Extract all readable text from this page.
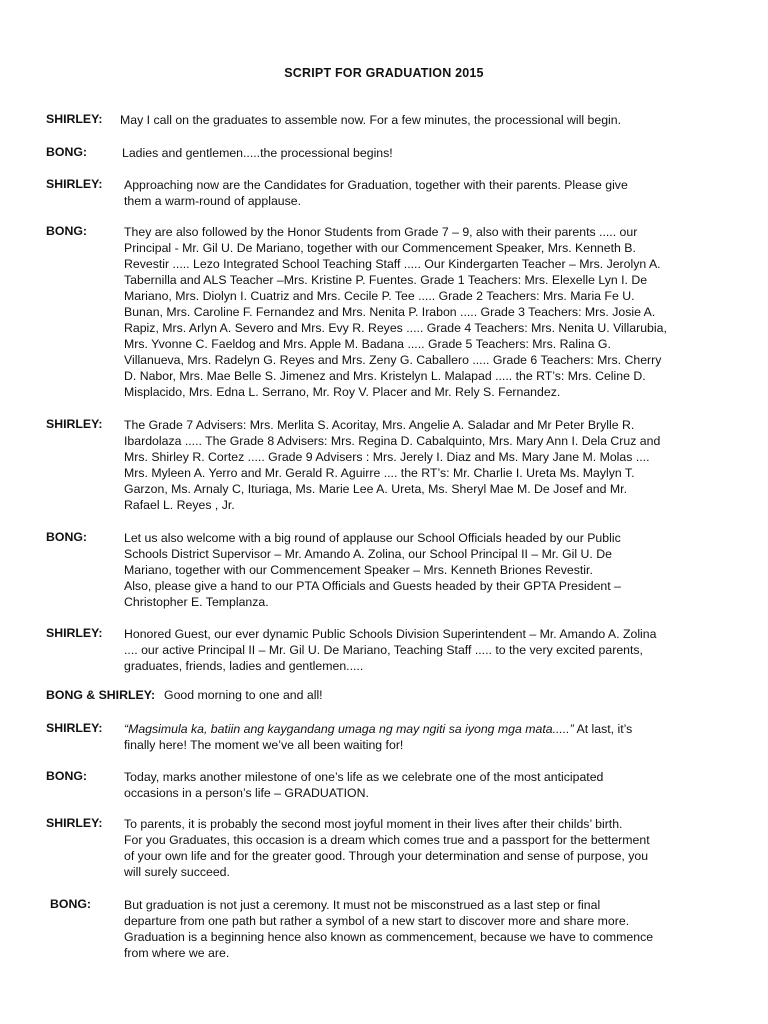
SCRIPT FOR GRADUATION 2015
SHIRLEY: May I call on the graduates to assemble now. For a few minutes, the processional will begin.
BONG:	Ladies and gentlemen.....the processional begins!
SHIRLEY: Approaching now are the Candidates for Graduation, together with their parents. Please give
them a warm-round of applause.
BONG:	They are also followed by the Honor Students from Grade 7 – 9, also with their parents ..... our
Principal - Mr. Gil U. De Mariano, together with our Commencement Speaker, Mrs. Kenneth B.
Revestir ..... Lezo Integrated School Teaching Staff ..... Our Kindergarten Teacher – Mrs. Jerolyn A.
Tabernilla and ALS Teacher –Mrs. Kristine P. Fuentes. Grade 1 Teachers: Mrs. Elexelle Lyn I. De
Mariano, Mrs. Diolyn I. Cuatriz and Mrs. Cecile P. Tee ..... Grade 2 Teachers: Mrs. Maria Fe U.
Bunan, Mrs. Caroline F. Fernandez and Mrs. Nenita P. Irabon ..... Grade 3 Teachers: Mrs. Josie A.
Rapiz, Mrs. Arlyn A. Severo and Mrs. Evy R. Reyes ..... Grade 4 Teachers: Mrs. Nenita U. Villarubia,
Mrs. Yvonne C. Faeldog and Mrs. Apple M. Badana ..... Grade 5 Teachers: Mrs. Ralina G.
Villanueva, Mrs. Radelyn G. Reyes and Mrs. Zeny G. Caballero ..... Grade 6 Teachers: Mrs. Cherry
D. Nabor, Mrs. Mae Belle S. Jimenez and Mrs. Kristelyn L. Malapad ..... the RT’s: Mrs. Celine D.
Misplacido, Mrs. Edna L. Serrano, Mr. Roy V. Placer and Mr. Rely S. Fernandez.
SHIRLEY: The Grade 7 Advisers: Mrs. Merlita S. Acoritay, Mrs. Angelie A. Saladar and Mr Peter Brylle R.
Ibardolaza ..... The Grade 8 Advisers: Mrs. Regina D. Cabalquinto, Mrs. Mary Ann I. Dela Cruz and
Mrs. Shirley R. Cortez ..... Grade 9 Advisers : Mrs. Jerely I. Diaz and Ms. Mary Jane M. Molas ....
Mrs. Myleen A. Yerro and Mr. Gerald R. Aguirre .... the RT’s: Mr. Charlie I. Ureta Ms. Maylyn T.
Garzon, Ms. Arnaly C, Ituriaga, Ms. Marie Lee A. Ureta, Ms. Sheryl Mae M. De Josef and Mr.
Rafael L. Reyes , Jr.
BONG:	Let us also welcome with a big round of applause our School Officials headed by our Public
Schools District Supervisor – Mr. Amando A. Zolina, our School Principal II – Mr. Gil U. De
Mariano, together with our Commencement Speaker – Mrs. Kenneth Briones Revestir.
Also, please give a hand to our PTA Officials and Guests headed by their GPTA President –
Christopher E. Templanza.
SHIRLEY: Honored Guest, our ever dynamic Public Schools Division Superintendent – Mr. Amando A. Zolina
.... our active Principal II – Mr. Gil U. De Mariano, Teaching Staff ..... to the very excited parents,
graduates, friends, ladies and gentlemen.....
BONG & SHIRLEY: Good morning to one and all!
SHIRLEY: “Magsimula ka, batiin ang kaygandang umaga ng may ngiti sa iyong mga mata.....” At last, it’s
finally here! The moment we’ve all been waiting for!
BONG:	Today, marks another milestone of one’s life as we celebrate one of the most anticipated
occasions in a person’s life – GRADUATION.
SHIRLEY: To parents, it is probably the second most joyful moment in their lives after their childs’ birth.
For you Graduates, this occasion is a dream which comes true and a passport for the betterment
of your own life and for the greater good. Through your determination and sense of purpose, you
will surely succeed.
BONG:	But graduation is not just a ceremony. It must not be misconstrued as a last step or final
departure from one path but rather a symbol of a new start to discover more and share more.
Graduation is a beginning hence also known as commencement, because we have to commence
from where we are.
